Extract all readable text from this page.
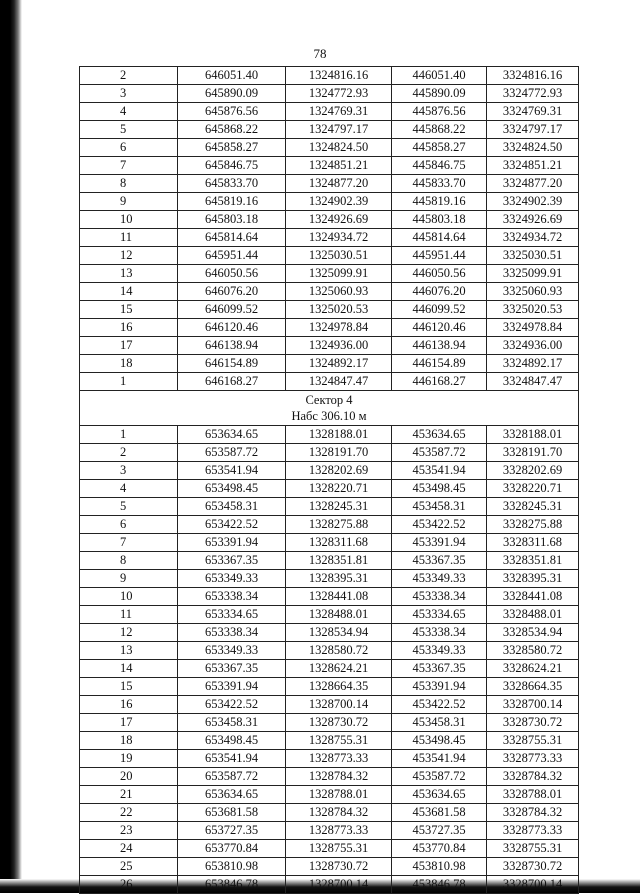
78
2	646051.40	1324816.16	446051.40	3324816.16
3	645890.09	1324772.93	445890.09	3324772.93
4	645876.56	1324769.31	445876.56	3324769.31
5	645868.22	1324797.17	445868.22	3324797.17
6	645858.27	1324824.50	445858.27	3324824.50
7	645846.75	1324851.21	445846.75	3324851.21
8	645833.70	1324877.20	445833.70	3324877.20
9	645819.16	1324902.39	445819.16	3324902.39
10	645803.18	1324926.69	445803.18	3324926.69
11	645814.64	1324934.72	445814.64	3324934.72
12	645951.44	1325030.51	445951.44	3325030.51
13	646050.56	1325099.91	446050.56	3325099.91
14	646076.20	1325060.93	446076.20	3325060.93
15	646099.52	1325020.53	446099.52	3325020.53
16	646120.46	1324978.84	446120.46	3324978.84
17	646138.94	1324936.00	446138.94	3324936.00
18	646154.89	1324892.17	446154.89	3324892.17
1	646168.27	1324847.47	446168.27	3324847.47

Сектор 4
Набс 306.10 м				

1	653634.65	1328188.01	453634.65	3328188.01
2	653587.72	1328191.70	453587.72	3328191.70
3	653541.94	1328202.69	453541.94	3328202.69
4	653498.45	1328220.71	453498.45	3328220.71
5	653458.31	1328245.31	453458.31	3328245.31
6	653422.52	1328275.88	453422.52	3328275.88
7	653391.94	1328311.68	453391.94	3328311.68
8	653367.35	1328351.81	453367.35	3328351.81
9	653349.33	1328395.31	453349.33	3328395.31
10	653338.34	1328441.08	453338.34	3328441.08
11	653334.65	1328488.01	453334.65	3328488.01
12	653338.34	1328534.94	453338.34	3328534.94
13	653349.33	1328580.72	453349.33	3328580.72
14	653367.35	1328624.21	453367.35	3328624.21
15	653391.94	1328664.35	453391.94	3328664.35
16	653422.52	1328700.14	453422.52	3328700.14
17	653458.31	1328730.72	453458.31	3328730.72
18	653498.45	1328755.31	453498.45	3328755.31
19	653541.94	1328773.33	453541.94	3328773.33
20	653587.72	1328784.32	453587.72	3328784.32
21	653634.65	1328788.01	453634.65	3328788.01
22	653681.58	1328784.32	453681.58	3328784.32
23	653727.35	1328773.33	453727.35	3328773.33
24	653770.84	1328755.31	453770.84	3328755.31
25	653810.98	1328730.72	453810.98	3328730.72
26	653846.78	1328700.14	453846.78	3328700.14
